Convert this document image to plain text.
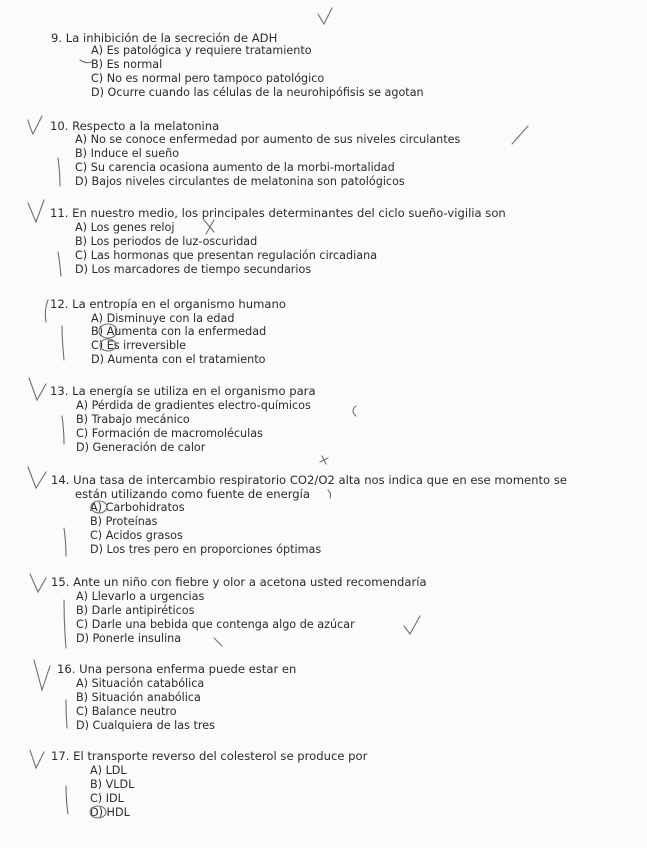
9. La inhibición de la secreción de ADH
A) Es patológica y requiere tratamiento
B) Es normal
C) No es normal pero tampoco patológico
D) Ocurre cuando las células de la neurohipófisis se agotan
10. Respecto a la melatonina
A) No se conoce enfermedad por aumento de sus niveles circulantes
B) Induce el sueño
C) Su carencia ocasiona aumento de la morbi-mortalidad
D) Bajos niveles circulantes de melatonina son patológicos
11. En nuestro medio, los principales determinantes del ciclo sueño-vigilia son
A) Los genes reloj
B) Los periodos de luz-oscuridad
C) Las hormonas que presentan regulación circadiana
D) Los marcadores de tiempo secundarios
12. La entropía en el organismo humano
A) Disminuye con la edad
B) Aumenta con la enfermedad
C) Es irreversible
D) Aumenta con el tratamiento
13. La energía se utiliza en el organismo para
A) Pérdida de gradientes electro-químicos
B) Trabajo mecánico
C) Formación de macromoléculas
D) Generación de calor
14. Una tasa de intercambio respiratorio CO2/O2 alta nos indica que en ese momento se
están utilizando como fuente de energía
A) Carbohidratos
B) Proteínas
C) Acidos grasos
D) Los tres pero en proporciones óptimas
15. Ante un niño con fiebre y olor a acetona usted recomendaría
A) Llevarlo a urgencias
B) Darle antipiréticos
C) Darle una bebida que contenga algo de azúcar
D) Ponerle insulina
16. Una persona enferma puede estar en
A) Situación catabólica
B) Situación anabólica
C) Balance neutro
D) Cualquiera de las tres
17. El transporte reverso del colesterol se produce por
A) LDL
B) VLDL
C) IDL
D) HDL
